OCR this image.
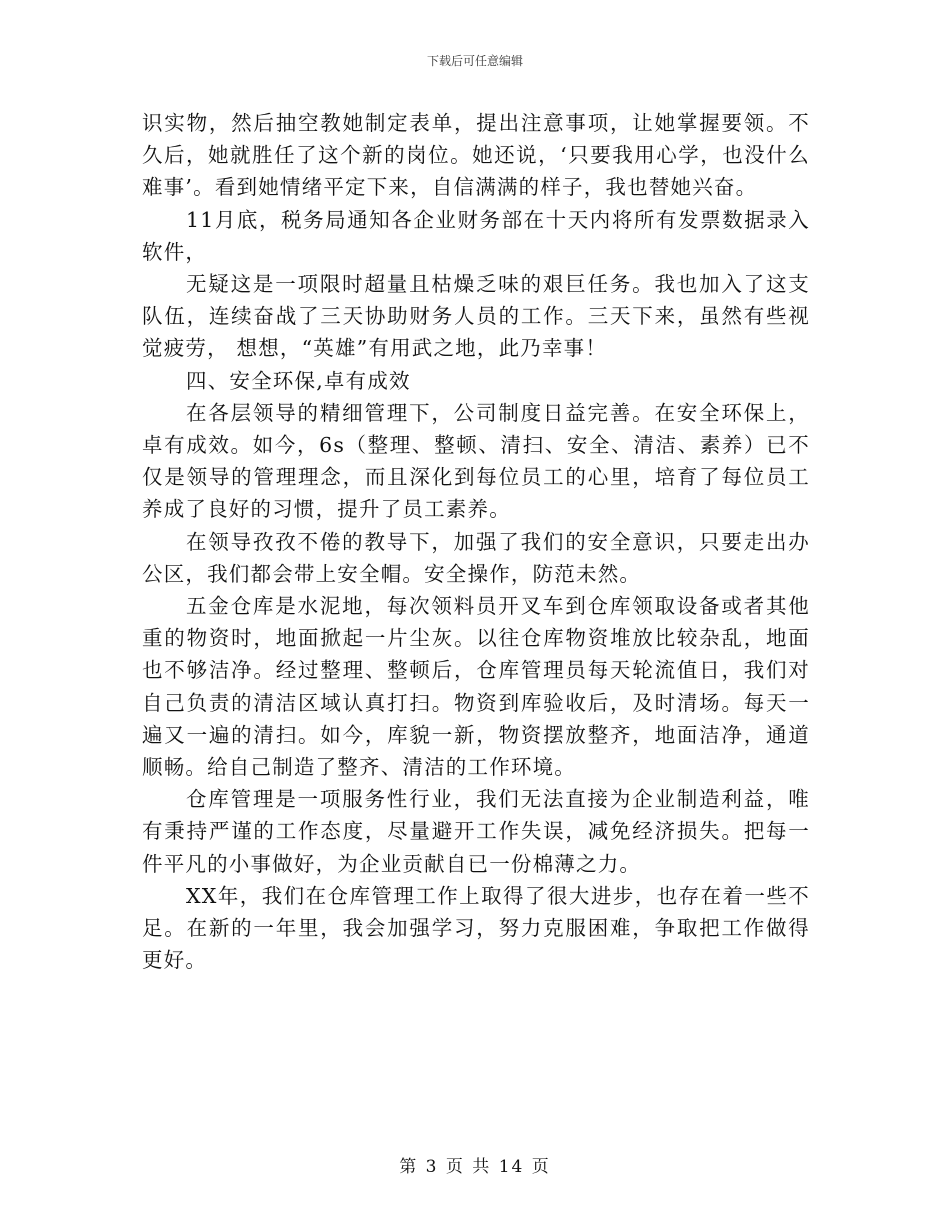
下载后可任意编辑

识实物，然后抽空教她制定表单，提出注意事项，让她掌握要领。不久后，她就胜任了这个新的岗位。她还说，‘只要我用心学，也没什么难事’。看到她情绪平定下来，自信满满的样子，我也替她兴奋。

11月底，税务局通知各企业财务部在十天内将所有发票数据录入软件，

无疑这是一项限时超量且枯燥乏味的艰巨任务。我也加入了这支队伍，连续奋战了三天协助财务人员的工作。三天下来，虽然有些视觉疲劳， 想想，“英雄”有用武之地，此乃幸事！

四、安全环保,卓有成效

在各层领导的精细管理下，公司制度日益完善。在安全环保上，卓有成效。如今，6s（整理、整顿、清扫、安全、清洁、素养）已不仅是领导的管理理念，而且深化到每位员工的心里，培育了每位员工养成了良好的习惯，提升了员工素养。

在领导孜孜不倦的教导下，加强了我们的安全意识，只要走出办公区，我们都会带上安全帽。安全操作，防范未然。

五金仓库是水泥地，每次领料员开叉车到仓库领取设备或者其他重的物资时，地面掀起一片尘灰。以往仓库物资堆放比较杂乱，地面也不够洁净。经过整理、整顿后，仓库管理员每天轮流值日，我们对自己负责的清洁区域认真打扫。物资到库验收后，及时清场。每天一遍又一遍的清扫。如今，库貌一新，物资摆放整齐，地面洁净，通道顺畅。给自己制造了整齐、清洁的工作环境。

仓库管理是一项服务性行业，我们无法直接为企业制造利益，唯有秉持严谨的工作态度，尽量避开工作失误，减免经济损失。把每一件平凡的小事做好，为企业贡献自已一份棉薄之力。

XX年，我们在仓库管理工作上取得了很大进步，也存在着一些不足。在新的一年里，我会加强学习，努力克服困难，争取把工作做得更好。

第 3 页 共 14 页
